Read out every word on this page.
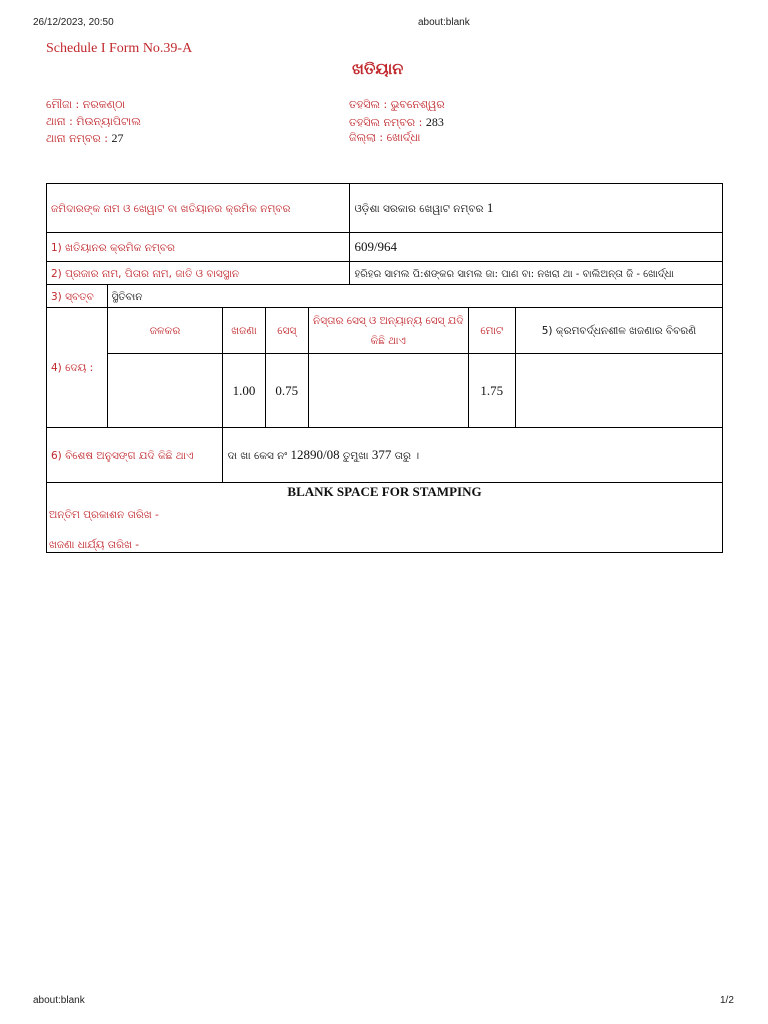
26/12/2023, 20:50	about:blank
about:blank	1/2
Schedule I Form No.39-A
ଖତିୟାନ
ମୌଜା : ନରକଣ୍ଠା
ଥାନା : ମିଉନ୍ୟାପିଟାଲ
ଥାନା ନମ୍ବର : 27
ତହସିଲ : ଭୁବନେଶ୍ୱର
ତହସିଲ ନମ୍ବର : 283
ଜିଲ୍ଲା : ଖୋର୍ଦ୍ଧା
ଜମିଦାରଙ୍କ ନାମ ଓ ଖେୱାଟ ବା ଖତିୟାନର କ୍ରମିକ ନମ୍ବର					ଓଡ଼ିଶା ସରକାର ଖେୱାଟ ନମ୍ବର 1		
1) ଖତିୟାନର କ୍ରମିକ ନମ୍ବର					609/964		
2) ପ୍ରଜାର ନାମ, ପିତାର ନାମ, ଜାତି ଓ ବାସସ୍ଥାନ					ହରିହର ସାମଲ ପି:ଶଙ୍କର ସାମଲ ଜା: ପାଣ ବା: ନଖରା ଥା - ବାଲିଅନ୍ତା ଜି - ଖୋର୍ଦ୍ଧା		
3) ସ୍ବତ୍ବ	ସ୍ଥିତିବାନ						
4) ଦେୟ :	ଜଳକର	ଖଜଣା	ସେସ୍	ନିସ୍ତାର ସେସ୍ ଓ ଅନ୍ୟାନ୍ୟ ସେସ୍ ଯଦି କିଛି ଥାଏ		ମୋଟ	5) କ୍ରମବର୍ଦ୍ଧନଶୀଳ ଖଜଣାର ବିବରଣି
		1.00	0.75			1.75	
6) ବିଶେଷ ଅନୁସଙ୍ଗ ଯଦି କିଛି ଥାଏ		ଦା ଖା କେସ ନଂ 12890/08 ତୁମୁଖା 377 ତାରୁ ।					

BLANK SPACE FOR STAMPING
ଅନ୍ତିମ ପ୍ରକାଶନ ତାରିଖ -
ଖଜଣା ଧାର୍ଯ୍ୟ ତାରିଖ -							
